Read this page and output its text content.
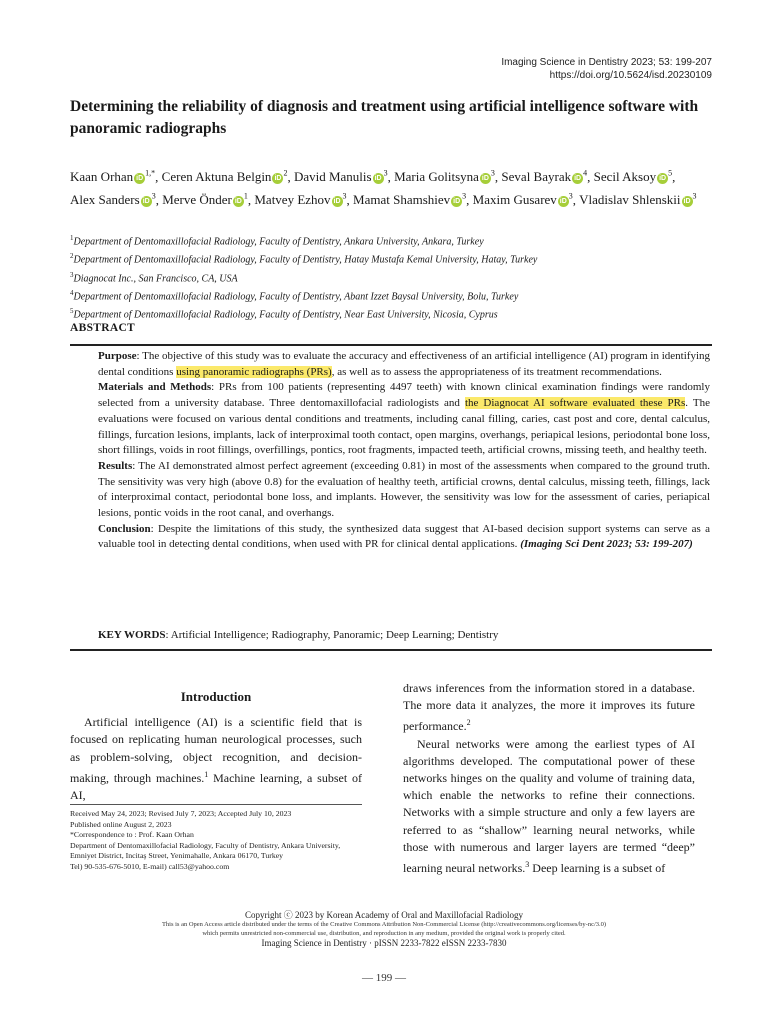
Imaging Science in Dentistry 2023; 53: 199-207
https://doi.org/10.5624/isd.20230109
Determining the reliability of diagnosis and treatment using artificial intelligence software with panoramic radiographs
Kaan Orhan $iD^{1,*}$, Ceren Aktuna Belgin $iD^2$, David Manulis $iD^3$, Maria Golitsyna $iD^3$, Seval Bayrak $iD^4$, Secil Aksoy $iD^5$, Alex Sanders $iD^3$, Merve Önder $iD^1$, Matvey Ezhov $iD^3$, Mamat Shamshiev $iD^3$, Maxim Gusarev $iD^3$, Vladislav Shlenskii $iD^3$
$^1$Department of Dentomaxillofacial Radiology, Faculty of Dentistry, Ankara University, Ankara, Turkey
$^2$Department of Dentomaxillofacial Radiology, Faculty of Dentistry, Hatay Mustafa Kemal University, Hatay, Turkey
$^3$Diagnocat Inc., San Francisco, CA, USA
$^4$Department of Dentomaxillofacial Radiology, Faculty of Dentistry, Abant Izzet Baysal University, Bolu, Turkey
$^5$Department of Dentomaxillofacial Radiology, Faculty of Dentistry, Near East University, Nicosia, Cyprus
ABSTRACT
Purpose: The objective of this study was to evaluate the accuracy and effectiveness of an artificial intelligence (AI) program in identifying dental conditions using panoramic radiographs (PRs), as well as to assess the appropriateness of its treatment recommendations.
Materials and Methods: PRs from 100 patients (representing 4497 teeth) with known clinical examination findings were randomly selected from a university database. Three dentomaxillofacial radiologists and the Diagnocat AI software evaluated these PRs. The evaluations were focused on various dental conditions and treatments, including canal filling, caries, cast post and core, dental calculus, fillings, furcation lesions, implants, lack of interproximal tooth contact, open margins, overhangs, periapical lesions, periodontal bone loss, short fillings, voids in root fillings, overfillings, pontics, root fragments, impacted teeth, artificial crowns, missing teeth, and healthy teeth.
Results: The AI demonstrated almost perfect agreement (exceeding 0.81) in most of the assessments when compared to the ground truth. The sensitivity was very high (above 0.8) for the evaluation of healthy teeth, artificial crowns, dental calculus, missing teeth, fillings, lack of interproximal contact, periodontal bone loss, and implants. However, the sensitivity was low for the assessment of caries, periapical lesions, pontic voids in the root canal, and overhangs.
Conclusion: Despite the limitations of this study, the synthesized data suggest that AI-based decision support systems can serve as a valuable tool in detecting dental conditions, when used with PR for clinical dental applications. (Imaging Sci Dent 2023; 53: 199-207)
KEY WORDS: Artificial Intelligence; Radiography, Panoramic; Deep Learning; Dentistry
Introduction

Artificial intelligence (AI) is a scientific field that is focused on replicating human neurological processes, such as problem-solving, object recognition, and decision-making, through machines.$^1$ Machine learning, a subset of AI,

Received May 24, 2023; Revised July 7, 2023; Accepted July 10, 2023
Published online August 2, 2023
*Correspondence to : Prof. Kaan Orhan
Department of Dentomaxillofacial Radiology, Faculty of Dentistry, Ankara University, Emniyet District, Incitaş Street, Yenimahalle, Ankara 06170, Turkey
Tel) 90-535-676-5010, E-mail) call53@yahoo.com

draws inferences from the information stored in a database. The more data it analyzes, the more it improves its future performance.$^2$

Neural networks were among the earliest types of AI algorithms developed. The computational power of these networks hinges on the quality and volume of training data, which enable the networks to refine their connections. Networks with a simple structure and only a few layers are referred to as “shallow” learning neural networks, while those with numerous and larger layers are termed “deep” learning neural networks.$^3$ Deep learning is a subset of

Copyright ⓒ 2023 by Korean Academy of Oral and Maxillofacial Radiology
This is an Open Access article distributed under the terms of the Creative Commons Attribution Non-Commercial License (http://creativecommons.org/licenses/by-nc/3.0)
which permits unrestricted non-commercial use, distribution, and reproduction in any medium, provided the original work is properly cited.
Imaging Science in Dentistry · pISSN 2233-7822 eISSN 2233-7830
— 199 —
